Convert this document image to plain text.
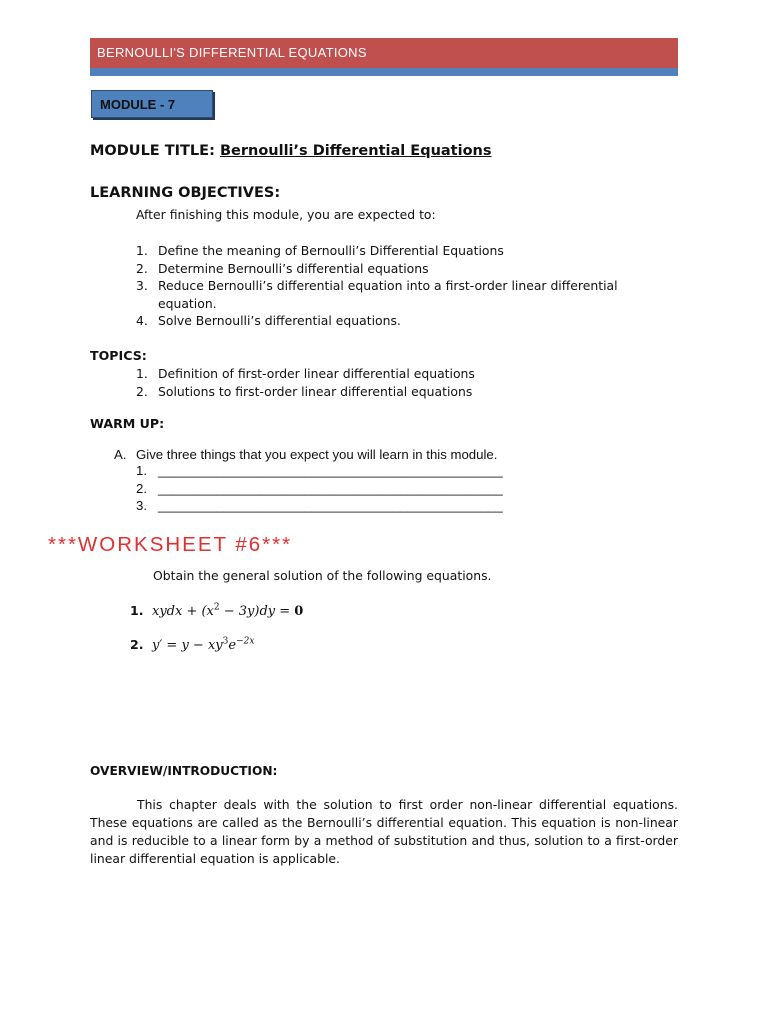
BERNOULLI'S DIFFERENTIAL EQUATIONS
MODULE - 7
MODULE TITLE: Bernoulli’s Differential Equations
LEARNING OBJECTIVES:
After finishing this module, you are expected to:
1. Define the meaning of Bernoulli’s Differential Equations
2. Determine Bernoulli’s differential equations
3. Reduce Bernoulli’s differential equation into a first-order linear differential
equation.
4. Solve Bernoulli’s differential equations.
TOPICS:
1. Definition of first-order linear differential equations
2. Solutions to first-order linear differential equations
WARM UP:
A. Give three things that you expect you will learn in this module.
1. _______________________________________________
2. _______________________________________________
3. _______________________________________________
***WORKSHEET #6***
Obtain the general solution of the following equations.
1. xydx + $(x^2 - 3y)dy = 0$
2. $y' = y - xy^3e^{-2x}$
OVERVIEW/INTRODUCTION:

This chapter deals with the solution to first order non-linear differential equations. These equations are called as the Bernoulli’s differential equation. This equation is non-linear and is reducible to a linear form by a method of substitution and thus, solution to a first-order linear differential equation is applicable.
